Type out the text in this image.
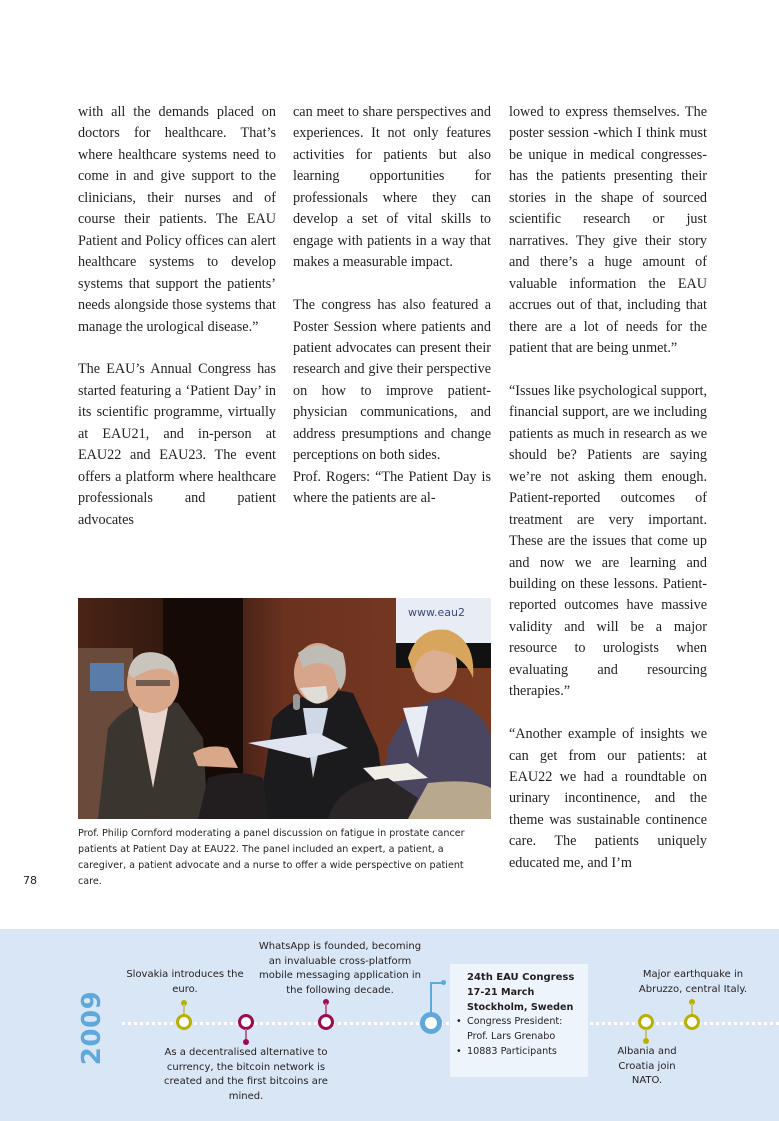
with all the demands placed on doctors for healthcare. That’s where healthcare systems need to come in and give support to the clinicians, their nurses and of course their patients. The EAU Patient and Policy offices can alert healthcare systems to develop systems that support the patients’ needs alongside those systems that manage the urological disease.”

The EAU’s Annual Congress has started featuring a ‘Patient Day’ in its scientific programme, virtually at EAU21, and in-person at EAU22 and EAU23. The event offers a platform where healthcare professionals and patient advocates

can meet to share perspectives and experiences. It not only features activities for patients but also learning opportunities for professionals where they can develop a set of vital skills to engage with patients in a way that makes a measurable impact.

The congress has also featured a Poster Session where patients and patient advocates can present their research and give their perspective on how to improve patient-physician communications, and address presumptions and change perceptions on both sides.

Prof. Rogers: “The Patient Day is where the patients are al-

lowed to express themselves. The poster session -which I think must be unique in medical congresses- has the patients presenting their stories in the shape of sourced scientific research or just narratives. They give their story and there’s a huge amount of valuable information the EAU accrues out of that, including that there are a lot of needs for the patient that are being unmet.”

“Issues like psychological support, financial support, are we including patients as much in research as we should be? Patients are saying we’re not asking them enough. Patient-reported outcomes of treatment are very important. These are the issues that come up and now we are learning and building on these lessons. Patient-reported outcomes have massive validity and will be a major resource to urologists when evaluating and resourcing therapies.”

“Another example of insights we can get from our patients: at EAU22 we had a roundtable on urinary incontinence, and the theme was sustainable continence care. The patients uniquely educated me, and I’m

www.eau2
Prof. Philip Cornford moderating a panel discussion on fatigue in prostate cancer patients at Patient Day at EAU22. The panel included an expert, a patient, a caregiver, a patient advocate and a nurse to offer a wide perspective on patient care.
78
2009
Slovakia introduces the euro.
As a decentralised alternative to currency, the bitcoin network is created and the first bitcoins are mined.
WhatsApp is founded, becoming an invaluable cross-platform mobile messaging application in the following decade.
24th EAU Congress
17-21 March
Stockholm, Sweden
• Congress President: Prof. Lars Grenabo
• 10883 Participants	Albania and Croatia join NATO.
Major earthquake in Abruzzo, central Italy.
